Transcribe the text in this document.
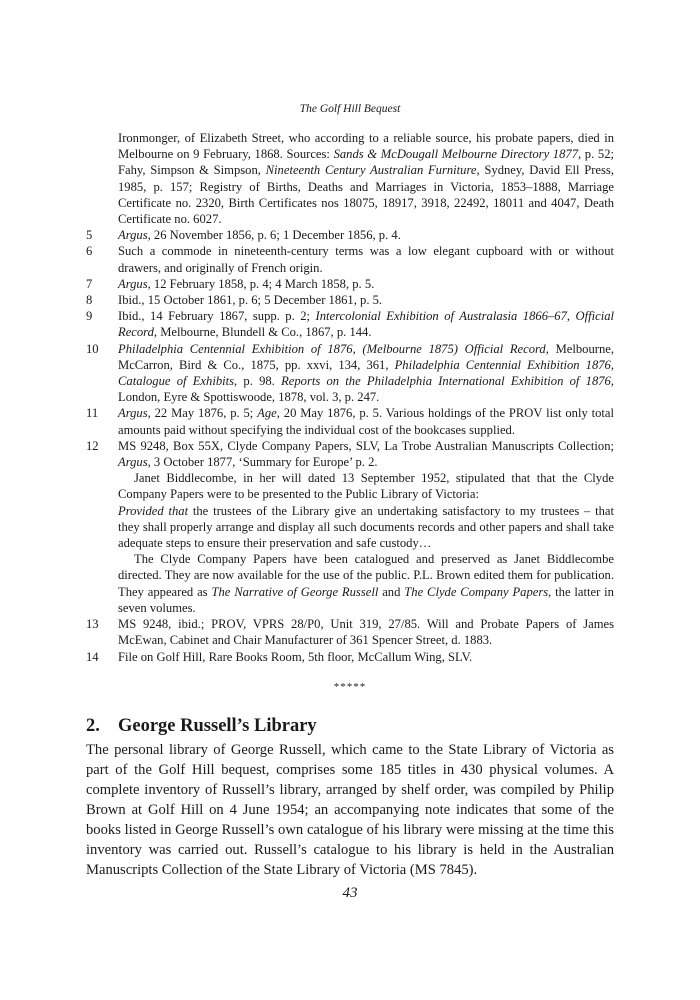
The Golf Hill Bequest

Ironmonger, of Elizabeth Street, who according to a reliable source, his probate papers, died in Melbourne on 9 February, 1868. Sources: Sands & McDougall Melbourne Directory 1877, p. 52; Fahy, Simpson & Simpson, Nineteenth Century Australian Furniture, Sydney, David Ell Press, 1985, p. 157; Registry of Births, Deaths and Marriages in Victoria, 1853–1888, Marriage Certificate no. 2320, Birth Certificates nos 18075, 18917, 3918, 22492, 18011 and 4047, Death Certificate no. 6027.

5	Argus, 26 November 1856, p. 6; 1 December 1856, p. 4.

6	Such a commode in nineteenth-century terms was a low elegant cupboard with or without drawers, and originally of French origin.

7	Argus, 12 February 1858, p. 4; 4 March 1858, p. 5.

8	Ibid., 15 October 1861, p. 6; 5 December 1861, p. 5.

9	Ibid., 14 February 1867, supp. p. 2; Intercolonial Exhibition of Australasia 1866–67, Official Record, Melbourne, Blundell & Co., 1867, p. 144.

10	Philadelphia Centennial Exhibition of 1876, (Melbourne 1875) Official Record, Melbourne, McCarron, Bird & Co., 1875, pp. xxvi, 134, 361, Philadelphia Centennial Exhibition 1876, Catalogue of Exhibits, p. 98. Reports on the Philadelphia International Exhibition of 1876, London, Eyre & Spottiswoode, 1878, vol. 3, p. 247.

11	Argus, 22 May 1876, p. 5; Age, 20 May 1876, p. 5. Various holdings of the PROV list only total amounts paid without specifying the individual cost of the bookcases supplied.

12	MS 9248, Box 55X, Clyde Company Papers, SLV, La Trobe Australian Manuscripts Collection; Argus, 3 October 1877, ‘Summary for Europe’ p. 2.

Janet Biddlecombe, in her will dated 13 September 1952, stipulated that that the Clyde Company Papers were to be presented to the Public Library of Victoria:

Provided that the trustees of the Library give an undertaking satisfactory to my trustees – that they shall properly arrange and display all such documents records and other papers and shall take adequate steps to ensure their preservation and safe custody…

The Clyde Company Papers have been catalogued and preserved as Janet Biddlecombe directed. They are now available for the use of the public. P.L. Brown edited them for publication. They appeared as The Narrative of George Russell and The Clyde Company Papers, the latter in seven volumes.

13	MS 9248, ibid.; PROV, VPRS 28/P0, Unit 319, 27/85. Will and Probate Papers of James McEwan, Cabinet and Chair Manufacturer of 361 Spencer Street, d. 1883.

14	File on Golf Hill, Rare Books Room, 5th floor, McCallum Wing, SLV.

*****
2. George Russell’s Library

The personal library of George Russell, which came to the State Library of Victoria as part of the Golf Hill bequest, comprises some 185 titles in 430 physical volumes. A complete inventory of Russell’s library, arranged by shelf order, was compiled by Philip Brown at Golf Hill on 4 June 1954; an accompanying note indicates that some of the books listed in George Russell’s own catalogue of his library were missing at the time this inventory was carried out. Russell’s catalogue to his library is held in the Australian Manuscripts Collection of the State Library of Victoria (MS 7845).

43
